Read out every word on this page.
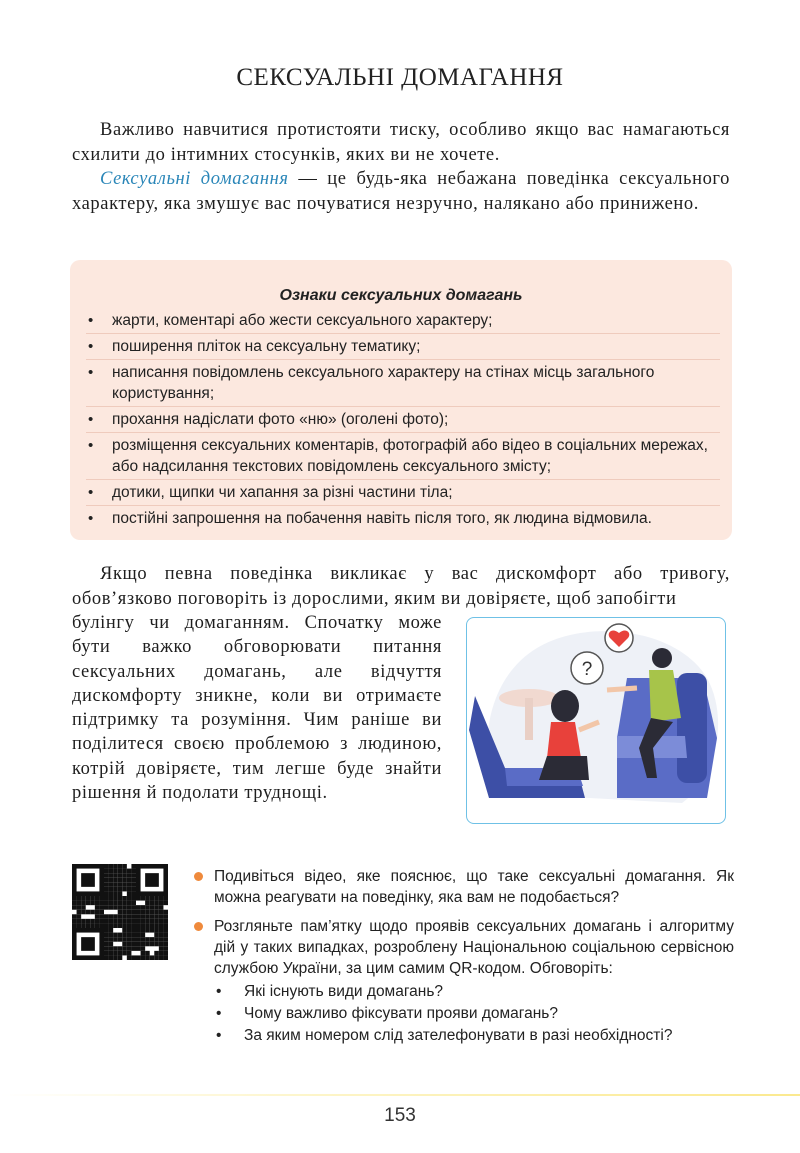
СЕКСУАЛЬНІ ДОМАГАННЯ

Важливо навчитися протистояти тиску, особливо якщо вас намагаються схилити до інтимних стосунків, яких ви не хочете.

Сексуальні домагання — це будь-яка небажана поведінка сексуального характеру, яка змушує вас почуватися незручно, налякано або принижено.

Ознаки сексуальних домагань
• жарти, коментарі або жести сексуального характеру;
• поширення пліток на сексуальну тематику;
• написання повідомлень сексуального характеру на стінах місць загального користування;
• прохання надіслати фото «ню» (оголені фото);
• розміщення сексуальних коментарів, фотографій або відео в соціальних мережах, або надсилання текстових повідомлень сексуального змісту;
• дотики, щипки чи хапання за різні частини тіла;
• постійні запрошення на побачення навіть після того, як людина відмовила.

Якщо певна поведінка викликає у вас дискомфорт або тривогу, обов’язково поговоріть із дорослими, яким ви довіряєте, щоб запобігти

булінгу чи домаганням. Спочатку може бути важко обговорювати питання сексуальних домагань, але відчуття дискомфорту зникне, коли ви отримаєте підтримку та розуміння. Чим раніше ви поділитеся своєю проблемою з людиною, котрій довіряєте, тим легше буде знайти рішення й подолати труднощі.

?
Подивіться відео, яке пояснює, що таке сексуальні домагання. Як можна реагувати на поведінку, яка вам не подобається?
Розгляньте пам’ятку щодо проявів сексуальних домагань і алгоритму дій у таких випадках, розроблену Національною соціальною сервісною службою України, за цим самим QR-кодом. Обговоріть:
• Які існують види домагань?
• Чому важливо фіксувати прояви домагань?
• За яким номером слід зателефонувати в разі необхідності?
153
